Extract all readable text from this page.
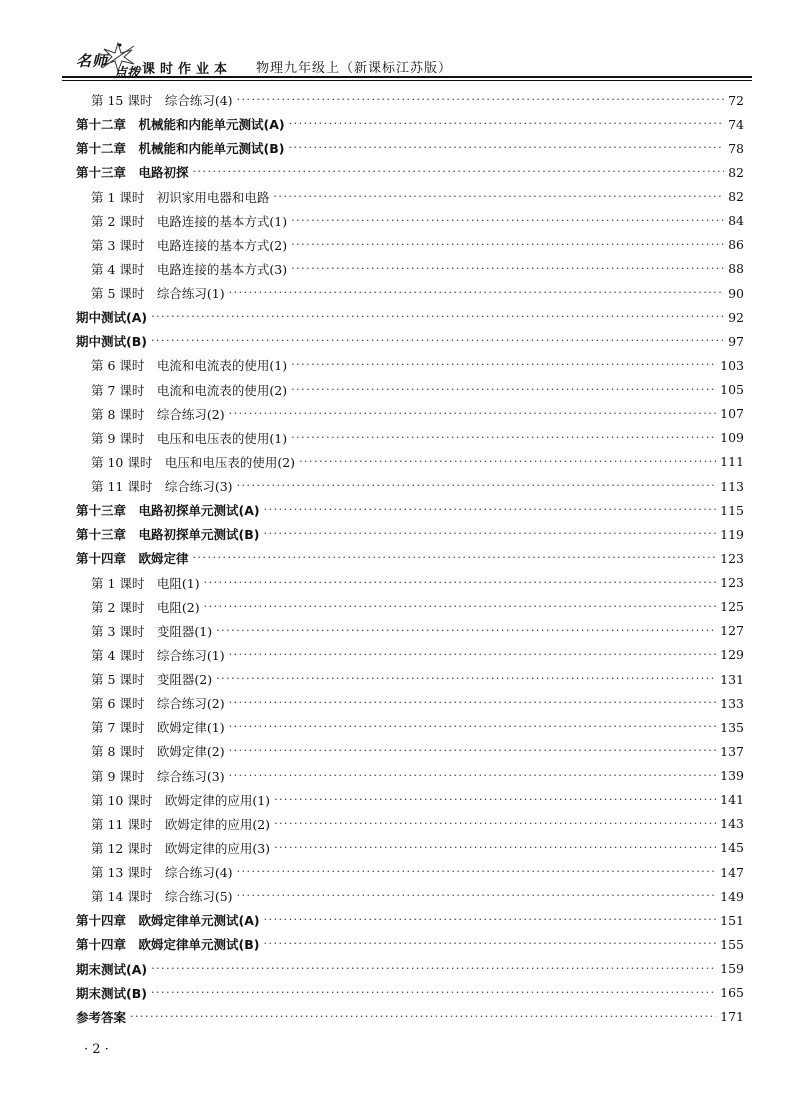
名师
点拨 课时作业本 物理九年级上（新课标江苏版）
第 15 课时　综合练习(4) ·····	72
第十二章　机械能和内能单元测试(A) ·····	74
第十二章　机械能和内能单元测试(B) ·····	78
第十三章　电路初探 ·····	82
第 1 课时　初识家用电器和电路 ·····	82
第 2 课时　电路连接的基本方式(1) ·····	84
第 3 课时　电路连接的基本方式(2) ·····	86
第 4 课时　电路连接的基本方式(3) ·····	88
第 5 课时　综合练习(1) ·····	90
期中测试(A) ·····	92
期中测试(B) ·····	97
第 6 课时　电流和电流表的使用(1) ·····	103
第 7 课时　电流和电流表的使用(2) ·····	105
第 8 课时　综合练习(2) ·····	107
第 9 课时　电压和电压表的使用(1) ·····	109
第 10 课时　电压和电压表的使用(2) ·····	111
第 11 课时　综合练习(3) ·····	113
第十三章　电路初探单元测试(A) ·····	115
第十三章　电路初探单元测试(B) ·····	119
第十四章　欧姆定律 ·····	123
第 1 课时　电阻(1) ·····	123
第 2 课时　电阻(2) ·····	125
第 3 课时　变阻器(1) ·····	127
第 4 课时　综合练习(1) ·····	129
第 5 课时　变阻器(2) ·····	131
第 6 课时　综合练习(2) ·····	133
第 7 课时　欧姆定律(1) ·····	135
第 8 课时　欧姆定律(2) ·····	137
第 9 课时　综合练习(3) ·····	139
第 10 课时　欧姆定律的应用(1) ·····	141
第 11 课时　欧姆定律的应用(2) ·····	143
第 12 课时　欧姆定律的应用(3) ·····	145
第 13 课时　综合练习(4) ·····	147
第 14 课时　综合练习(5) ·····	149
第十四章　欧姆定律单元测试(A) ·····	151
第十四章　欧姆定律单元测试(B) ·····	155
期末测试(A) ·····	159
期末测试(B) ·····	165
参考答案 ·····	171
· 2 ·
